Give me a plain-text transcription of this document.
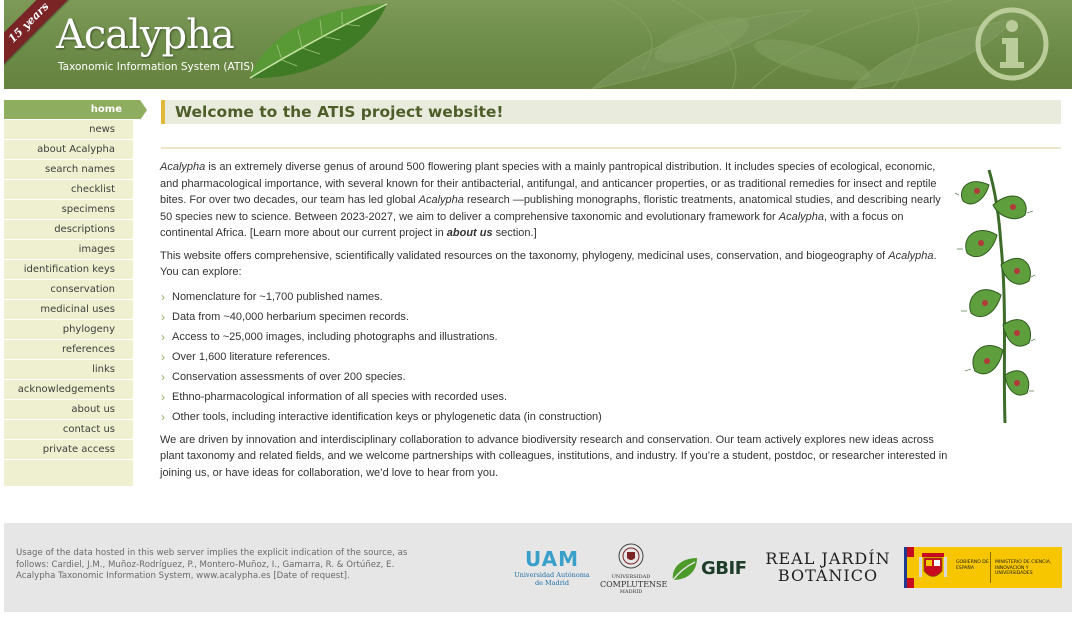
15 years Acalypha
Taxonomic Information System (ATIS)
home
news
about Acalypha
search names
checklist
specimens
descriptions
images
identification keys
conservation
medicinal uses
phylogeny
references
links
acknowledgements
about us
contact us
private access
Welcome to the ATIS project website!

Acalypha is an extremely diverse genus of around 500 flowering plant species with a mainly pantropical distribution. It includes species of ecological, economic, and pharmacological importance, with several known for their antibacterial, antifungal, and anticancer properties, or as traditional remedies for insect and reptile bites. For over two decades, our team has led global Acalypha research —publishing monographs, floristic treatments, anatomical studies, and describing nearly 50 species new to science. Between 2023-2027, we aim to deliver a comprehensive taxonomic and evolutionary framework for Acalypha, with a focus on continental Africa. [Learn more about our current project in about us section.]

This website offers comprehensive, scientifically validated resources on the taxonomy, phylogeny, medicinal uses, conservation, and biogeography of Acalypha. You can explore:

› Nomenclature for ~1,700 published names.
› Data from ~40,000 herbarium specimen records.
› Access to ~25,000 images, including photographs and illustrations.
› Over 1,600 literature references.
› Conservation assessments of over 200 species.
› Ethno-pharmacological information of all species with recorded uses.
› Other tools, including interactive identification keys or phylogenetic data (in construction)

We are driven by innovation and interdisciplinary collaboration to advance biodiversity research and conservation. Our team actively explores new ideas across plant taxonomy and related fields, and we welcome partnerships with colleagues, institutions, and industry. If you’re a student, postdoc, or researcher interested in joining us, or have ideas for collaboration, we’d love to hear from you.

Usage of the data hosted in this web server implies the explicit indication of the source, as follows: Cardiel, J.M., Muñoz-Rodríguez, P., Montero-Muñoz, I., Gamarra, R. & Ortúñez, E. Acalypha Taxonomic Information System, www.acalypha.es [Date of request].
UAM
Universidad Autónoma
de Madrid
UNIVERSIDAD
COMPLUTENSE
MADRID
GBIF	REAL JARDÍN
BOTÁNICO
GOBIERNO DE ESPAÑA
MINISTERIO DE CIENCIA, INNOVACIÓN Y UNIVERSIDADES
